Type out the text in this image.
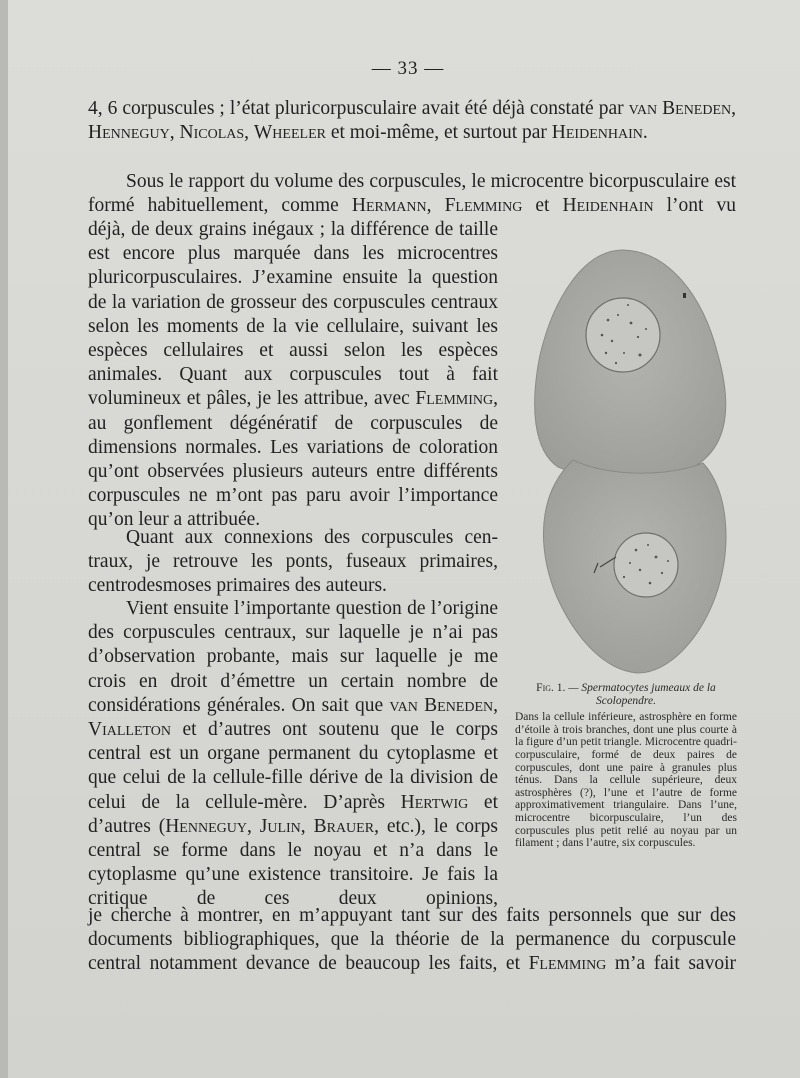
— 33 —

4, 6 corpuscules ; l’état pluricorpusculaire avait été déjà constaté par van Beneden, Henneguy, Nicolas, Wheeler et moi-même, et surtout par Heidenhain.

Sous le rapport du volume des corpuscules, le microcentre bicorpusculaire est formé habituellement, comme Hermann, Flemming et Heidenhain l’ont vu

déjà, de deux grains inégaux ; la différence de taille est encore plus marquée dans les microcentres pluricorpusculaires. J’examine ensuite la question de la variation de grosseur des corpuscules centraux selon les moments de la vie cellulaire, suivant les espèces cellulaires et aussi selon les espèces animales. Quant aux corpuscules tout à fait volumineux et pâles, je les attribue, avec Flemming, au gonflement dégénératif de corpuscules de dimensions normales. Les variations de coloration qu’ont observées plusieurs auteurs entre différents corpuscules ne m’ont pas paru avoir l’importance qu’on leur a attribuée.

Quant aux connexions des corpuscules centraux, je retrouve les ponts, fuseaux primaires, centrodesmoses primaires des auteurs.

Vient ensuite l’importante question de l’origine des corpuscules centraux, sur laquelle je n’ai pas d’observation probante, mais sur laquelle je me crois en droit d’émettre un certain nombre de considérations générales. On sait que van Beneden, Vialleton et d’autres ont soutenu que le corps central est un organe permanent du cytoplasme et que celui de la cellule-fille dérive de la division de celui de la cellule-mère. D’après Hertwig et d’autres (Henneguy, Julin, Brauer, etc.), le corps central se forme dans le noyau et n’a dans le cytoplasme qu’une existence transitoire. Je fais la critique de ces deux opinions,

je cherche à montrer, en m’appuyant tant sur des faits personnels que sur des documents bibliographiques, que la théorie de la permanence du corpuscule central notamment devance de beaucoup les faits, et Flemming m’a fait savoir

Fig. 1. — Spermatocytes jumeaux de la Scolopendre.
Dans la cellule inférieure, astrosphère en forme d’étoile à trois branches, dont une plus courte à la figure d’un petit triangle. Microcentre quadricorpusculaire, formé de deux paires de corpuscules, dont une paire à granules plus ténus. Dans la cellule supérieure, deux astrosphères (?), l’une et l’autre de forme approximativement triangulaire. Dans l’une, microcentre bicorpusculaire, l’un des corpuscules plus petit relié au noyau par un filament ; dans l’autre, six corpuscules.
